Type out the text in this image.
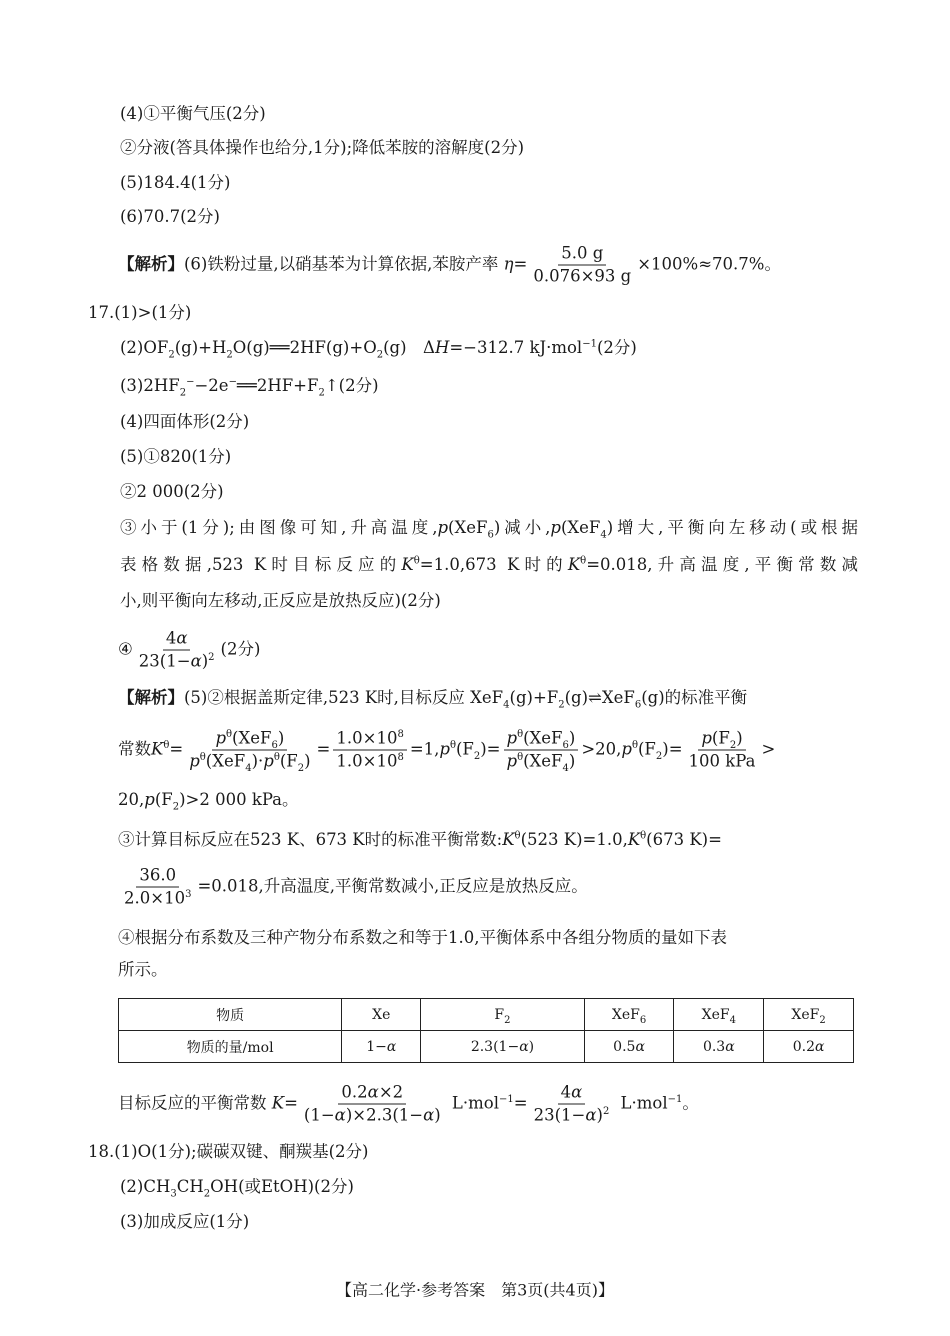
(4)①平衡气压(2分)
②分液(答具体操作也给分,1分);降低苯胺的溶解度(2分)
(5)184.4(1分)
(6)70.7(2分)
【解析】(6)铁粉过量,以硝基苯为计算依据,苯胺产率 $\eta= \frac{5.0 g}{0.076\times 93 g} \times 100\%\approx 70.7\%$。
17.(1)>(1分)
$(2)OF_2(g)+H_2O(g)══2HF(g)+O_2(g)$　ΔH=−312.7 kJ·mol$^{-1}$(2分)
$(3)2HF_2^--2e^-══2HF+F_2↑(2$分)
(4)四面体形(2分)
(5)①820(1分)
②2 000(2分)
③小于(1分);由图像可知,升高温度,p(XeF$_6$)减小,p(XeF$_4$)增大,平衡向左移动(或根据
表格数据,523 K时目标反应的$K^\theta=1.0,673$ K时的$K^\theta=0.018$,升高温度,平衡常数减
小,则平衡向左移动,正反应是放热反应)(2分)
④ $\frac{4\alpha}{23(1-\alpha)^2} (2$分)
【解析】(5)②根据盖斯定律,523 K时,目标反应 $XeF_4(g)+F_2(g)\rightleftharpoons XeF_6(g)$的标准平衡
常数$K^\theta= \frac{p^\theta(XeF_6)}{p^\theta(XeF_4)\cdot p^\theta(F_2)} = \frac{1.0\times 10^8}{1.0\times 10^8} =1,p^\theta(F_2)= \frac{p^\theta(XeF_6)}{p^\theta(XeF_4)} >20,p^\theta(F_2)= \frac{p(F_2)}{\text{100 kPa}}$ >
$20,p(F_2)>2$ 000 kPa。
③计算目标反应在523 K、673 K时的标准平衡常数$:K^\theta(523$ $K)=1.0,K^\theta(673$ K)=
$\frac{36.0}{2.0\times 10^3} =0.018$,升高温度,平衡常数减小,正反应是放热反应。
④根据分布系数及三种产物分布系数之和等于1.0,平衡体系中各组分物质的量如下表
所示。
物质	Xe	$F_2$	XeF$_6$	XeF$_4$	XeF$_2$
物质的量/mol	1−α	2.3(1−α)	0.5α	0.3α	0.2α
目标反应的平衡常数 $K= \frac{0.2\alpha\times 2}{(1-\alpha)\times 2.3(1-\alpha)} L\cdot mol^{-1}= \frac{4\alpha}{23(1-\alpha)^2} L\cdot mol^{-1}$。
18.(1)O(1分);碳碳双键、酮羰基(2分)
$(2)CH_3CH_2OH$(或EtOH)(2分)
(3)加成反应(1分)
【高二化学·参考答案　第3页(共4页)】
